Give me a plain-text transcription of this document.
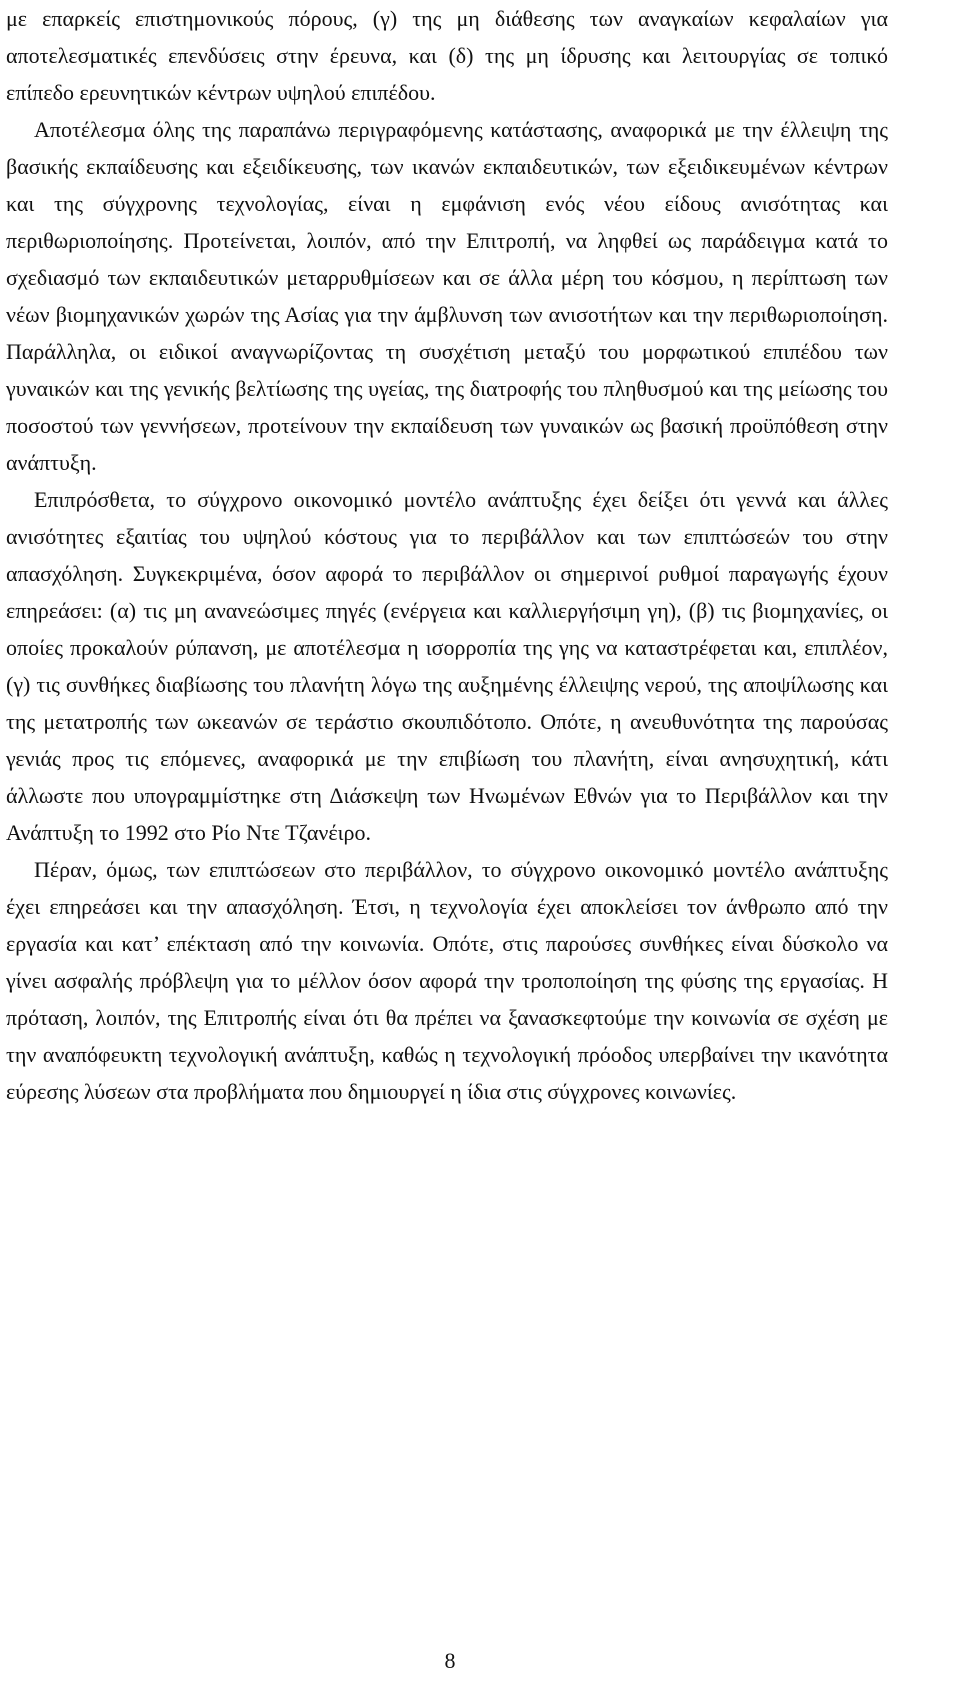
με επαρκείς επιστημονικούς πόρους, (γ) της μη διάθεσης των αναγκαίων κεφαλαίων για αποτελεσματικές επενδύσεις στην έρευνα, και (δ) της μη ίδρυσης και λειτουργίας σε τοπικό επίπεδο ερευνητικών κέντρων υψηλού επιπέδου.

Αποτέλεσμα όλης της παραπάνω περιγραφόμενης κατάστασης, αναφορικά με την έλλειψη της βασικής εκπαίδευσης και εξειδίκευσης, των ικανών εκπαιδευτικών, των εξειδικευμένων κέντρων και της σύγχρονης τεχνολογίας, είναι η εμφάνιση ενός νέου είδους ανισότητας και περιθωριοποίησης. Προτείνεται, λοιπόν, από την Επιτροπή, να ληφθεί ως παράδειγμα κατά το σχεδιασμό των εκπαιδευτικών μεταρρυθμίσεων και σε άλλα μέρη του κόσμου, η περίπτωση των νέων βιομηχανικών χωρών της Ασίας για την άμβλυνση των ανισοτήτων και την περιθωριοποίηση. Παράλληλα, οι ειδικοί αναγνωρίζοντας τη συσχέτιση μεταξύ του μορφωτικού επιπέδου των γυναικών και της γενικής βελτίωσης της υγείας, της διατροφής του πληθυσμού και της μείωσης του ποσοστού των γεννήσεων, προτείνουν την εκπαίδευση των γυναικών ως βασική προϋπόθεση στην ανάπτυξη.

Επιπρόσθετα, το σύγχρονο οικονομικό μοντέλο ανάπτυξης έχει δείξει ότι γεννά και άλλες ανισότητες εξαιτίας του υψηλού κόστους για το περιβάλλον και των επιπτώσεών του στην απασχόληση. Συγκεκριμένα, όσον αφορά το περιβάλλον οι σημερινοί ρυθμοί παραγωγής έχουν επηρεάσει: (α) τις μη ανανεώσιμες πηγές (ενέργεια και καλλιεργήσιμη γη), (β) τις βιομηχανίες, οι οποίες προκαλούν ρύπανση, με αποτέλεσμα η ισορροπία της γης να καταστρέφεται και, επιπλέον, (γ) τις συνθήκες διαβίωσης του πλανήτη λόγω της αυξημένης έλλειψης νερού, της αποψίλωσης και της μετατροπής των ωκεανών σε τεράστιο σκουπιδότοπο. Οπότε, η ανευθυνότητα της παρούσας γενιάς προς τις επόμενες, αναφορικά με την επιβίωση του πλανήτη, είναι ανησυχητική, κάτι άλλωστε που υπογραμμίστηκε στη Διάσκεψη των Ηνωμένων Εθνών για το Περιβάλλον και την Ανάπτυξη το 1992 στο Ρίο Ντε Τζανέιρο.

Πέραν, όμως, των επιπτώσεων στο περιβάλλον, το σύγχρονο οικονομικό μοντέλο ανάπτυξης έχει επηρεάσει και την απασχόληση. Έτσι, η τεχνολογία έχει αποκλείσει τον άνθρωπο από την εργασία και κατ’ επέκταση από την κοινωνία. Οπότε, στις παρούσες συνθήκες είναι δύσκολο να γίνει ασφαλής πρόβλεψη για το μέλλον όσον αφορά την τροποποίηση της φύσης της εργασίας. Η πρόταση, λοιπόν, της Επιτροπής είναι ότι θα πρέπει να ξανασκεφτούμε την κοινωνία σε σχέση με την αναπόφευκτη τεχνολογική ανάπτυξη, καθώς η τεχνολογική πρόοδος υπερβαίνει την ικανότητα εύρεσης λύσεων στα προβλήματα που δημιουργεί η ίδια στις σύγχρονες κοινωνίες.

8
